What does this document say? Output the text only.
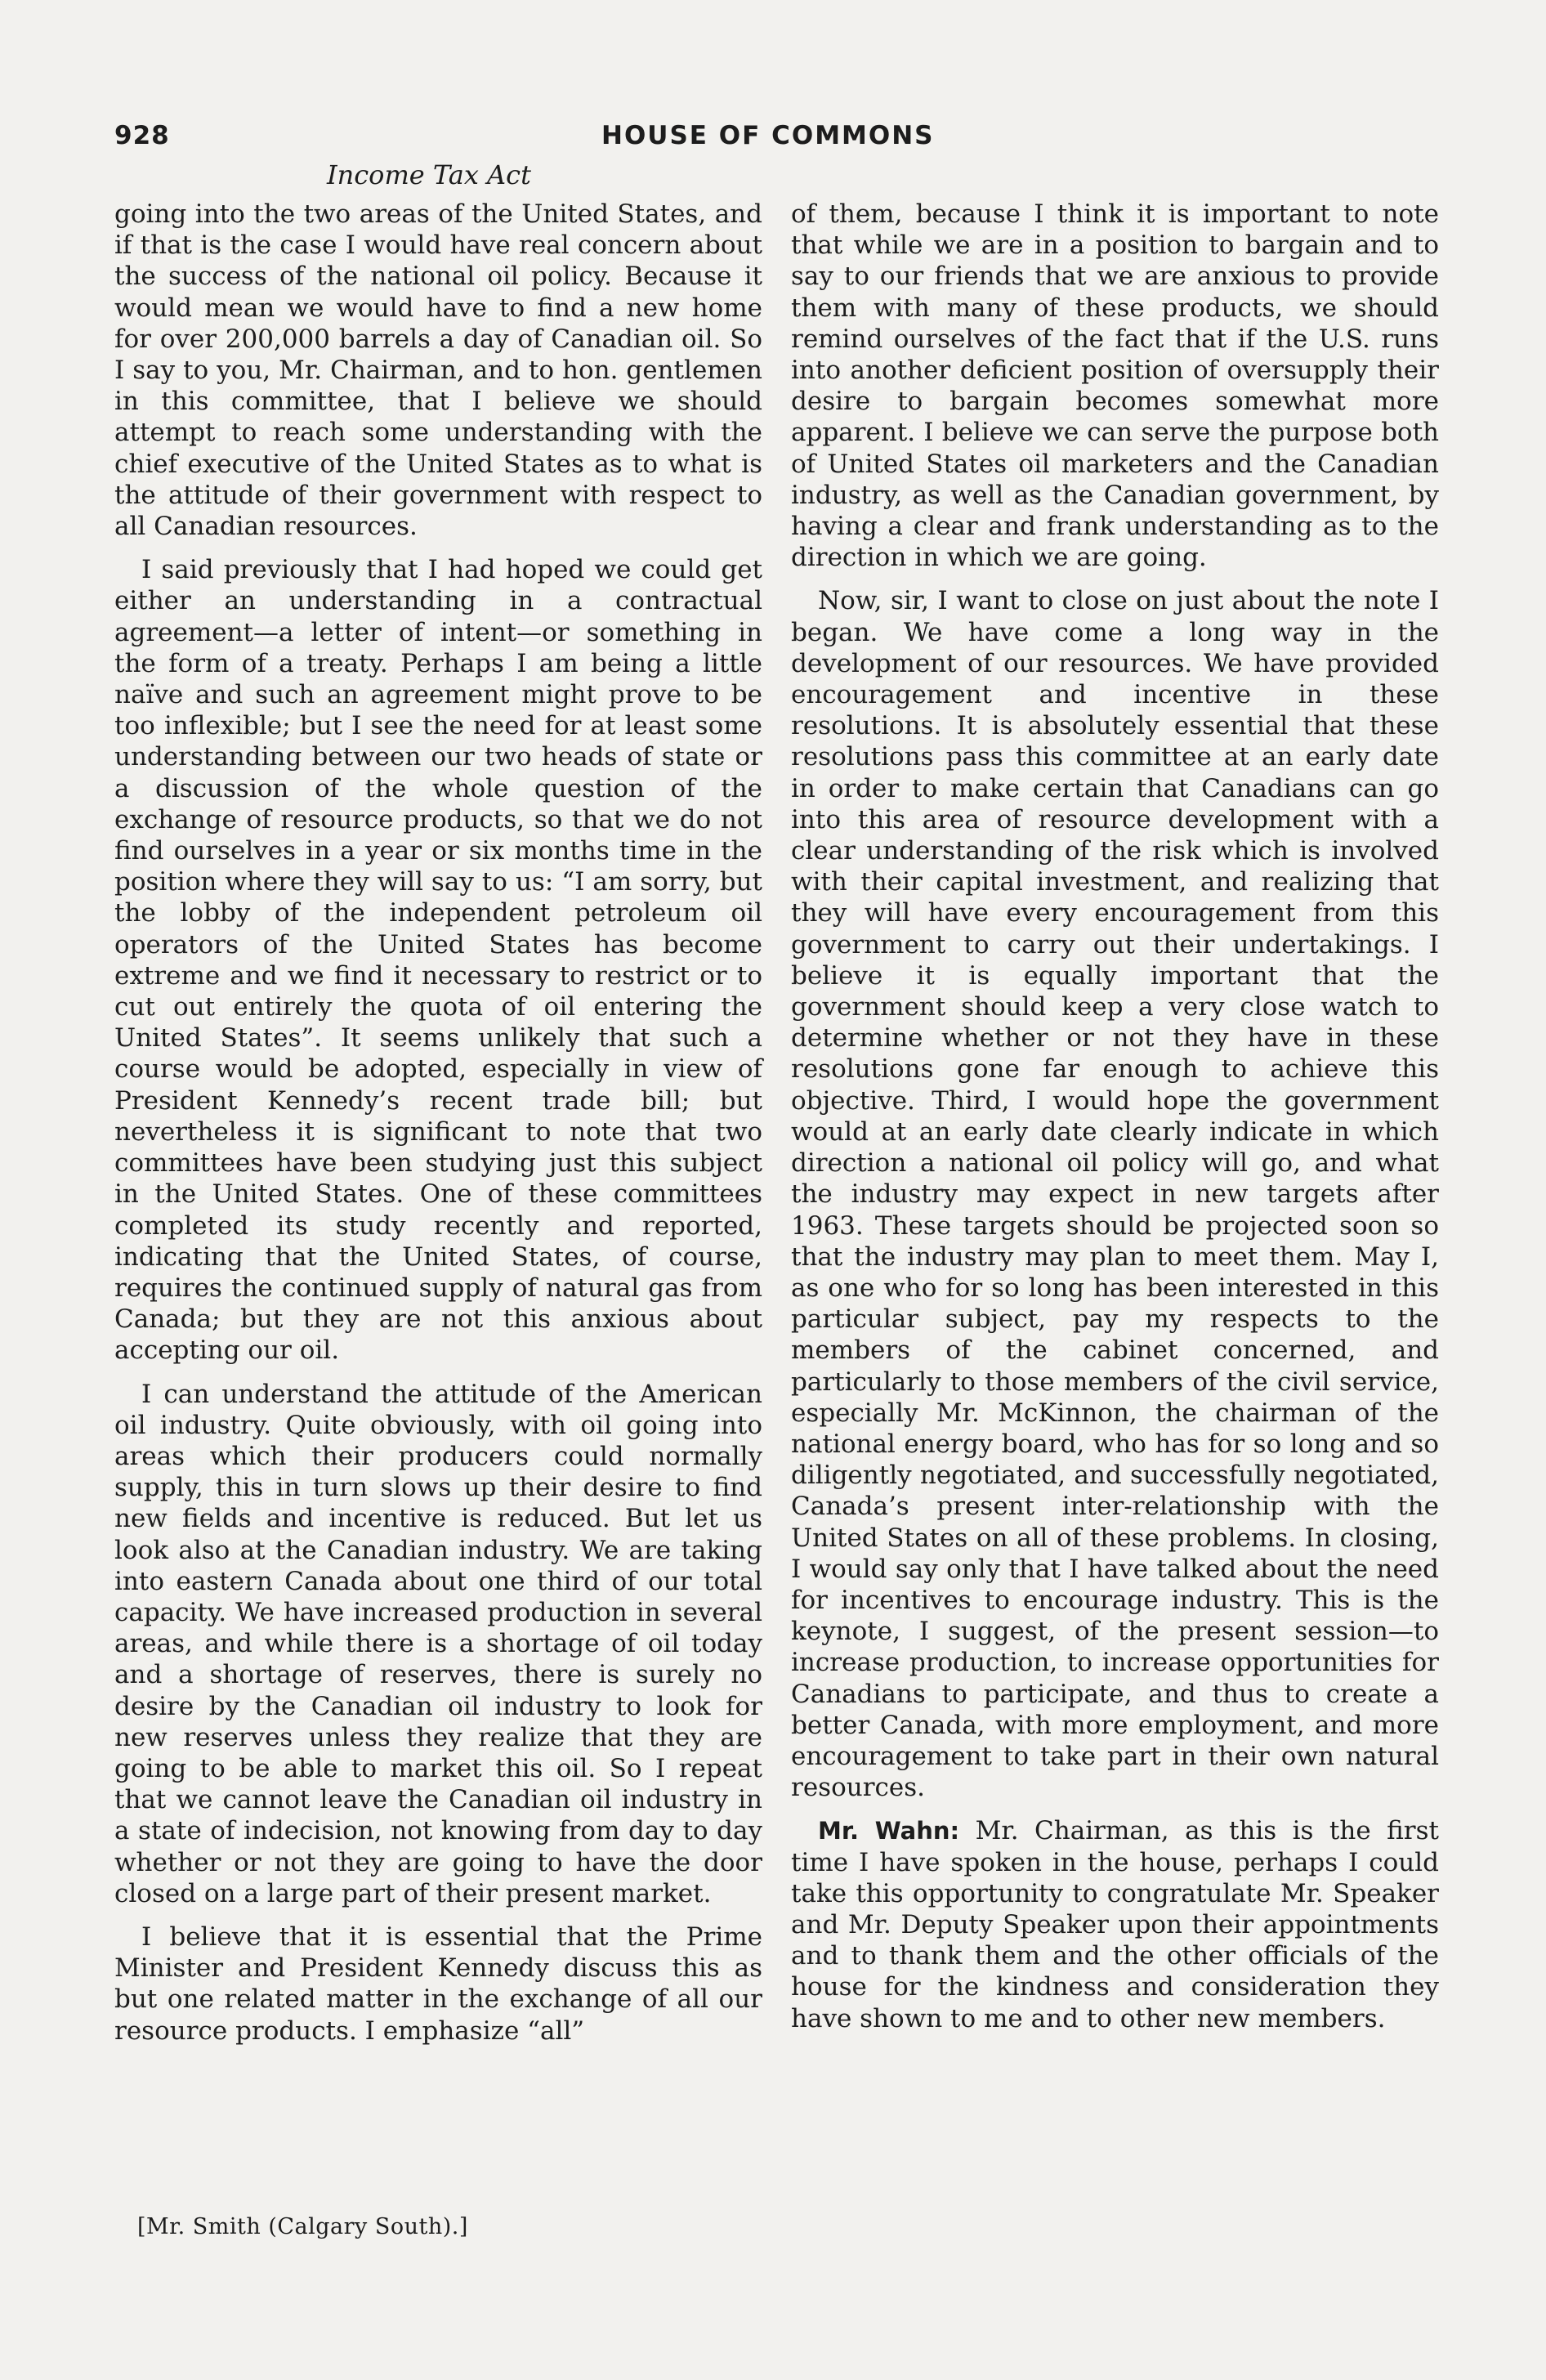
928	HOUSE OF COMMONS
Income Tax Act

going into the two areas of the United States, and if that is the case I would have real concern about the success of the national oil policy. Because it would mean we would have to find a new home for over 200,000 barrels a day of Canadian oil. So I say to you, Mr. Chairman, and to hon. gentlemen in this committee, that I believe we should attempt to reach some understanding with the chief executive of the United States as to what is the attitude of their government with respect to all Canadian resources.

I said previously that I had hoped we could get either an understanding in a contractual agreement—a letter of intent—or something in the form of a treaty. Perhaps I am being a little naïve and such an agreement might prove to be too inflexible; but I see the need for at least some understanding between our two heads of state or a discussion of the whole question of the exchange of resource products, so that we do not find ourselves in a year or six months time in the position where they will say to us: “I am sorry, but the lobby of the independent petroleum oil operators of the United States has become extreme and we find it necessary to restrict or to cut out entirely the quota of oil entering the United States”. It seems unlikely that such a course would be adopted, especially in view of President Kennedy’s recent trade bill; but nevertheless it is significant to note that two committees have been studying just this subject in the United States. One of these committees completed its study recently and reported, indicating that the United States, of course, requires the continued supply of natural gas from Canada; but they are not this anxious about accepting our oil.

I can understand the attitude of the American oil industry. Quite obviously, with oil going into areas which their producers could normally supply, this in turn slows up their desire to find new fields and incentive is reduced. But let us look also at the Canadian industry. We are taking into eastern Canada about one third of our total capacity. We have increased production in several areas, and while there is a shortage of oil today and a shortage of reserves, there is surely no desire by the Canadian oil industry to look for new reserves unless they realize that they are going to be able to market this oil. So I repeat that we cannot leave the Canadian oil industry in a state of indecision, not knowing from day to day whether or not they are going to have the door closed on a large part of their present market.

I believe that it is essential that the Prime Minister and President Kennedy discuss this as but one related matter in the exchange of all our resource products. I emphasize “all”

of them, because I think it is important to note that while we are in a position to bargain and to say to our friends that we are anxious to provide them with many of these products, we should remind ourselves of the fact that if the U.S. runs into another deficient position of oversupply their desire to bargain becomes somewhat more apparent. I believe we can serve the purpose both of United States oil marketers and the Canadian industry, as well as the Canadian government, by having a clear and frank understanding as to the direction in which we are going.

Now, sir, I want to close on just about the note I began. We have come a long way in the development of our resources. We have provided encouragement and incentive in these resolutions. It is absolutely essential that these resolutions pass this committee at an early date in order to make certain that Canadians can go into this area of resource development with a clear understanding of the risk which is involved with their capital investment, and realizing that they will have every encouragement from this government to carry out their undertakings. I believe it is equally important that the government should keep a very close watch to determine whether or not they have in these resolutions gone far enough to achieve this objective. Third, I would hope the government would at an early date clearly indicate in which direction a national oil policy will go, and what the industry may expect in new targets after 1963. These targets should be projected soon so that the industry may plan to meet them. May I, as one who for so long has been interested in this particular subject, pay my respects to the members of the cabinet concerned, and particularly to those members of the civil service, especially Mr. McKinnon, the chairman of the national energy board, who has for so long and so diligently negotiated, and successfully negotiated, Canada’s present inter-relationship with the United States on all of these problems. In closing, I would say only that I have talked about the need for incentives to encourage industry. This is the keynote, I suggest, of the present session—to increase production, to increase opportunities for Canadians to participate, and thus to create a better Canada, with more employment, and more encouragement to take part in their own natural resources.

Mr. Wahn: Mr. Chairman, as this is the first time I have spoken in the house, perhaps I could take this opportunity to congratulate Mr. Speaker and Mr. Deputy Speaker upon their appointments and to thank them and the other officials of the house for the kindness and consideration they have shown to me and to other new members.

[Mr. Smith (Calgary South).]
